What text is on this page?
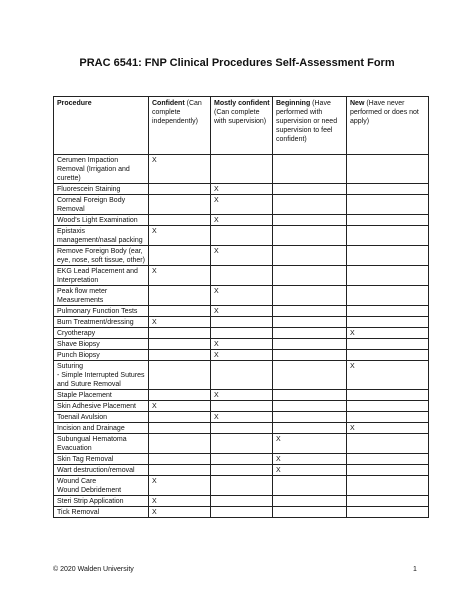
PRAC 6541: FNP Clinical Procedures Self-Assessment Form
Procedure	Confident (Can complete independently)	Mostly confident (Can complete with supervision)	Beginning (Have performed with supervision or need supervision to feel confident)	New (Have never performed or does not apply)
Cerumen Impaction Removal (Irrigation and curette)	X			
Fluorescein Staining		X		
Corneal Foreign Body Removal		X		
Wood’s Light Examination		X		
Epistaxis management/nasal packing	X			
Remove Foreign Body (ear, eye, nose, soft tissue, other)		X		
EKG Lead Placement and Interpretation	X			
Peak flow meter Measurements		X		
Pulmonary Function Tests		X		
Burn Treatment/dressing	X			
Cryotherapy				X
Shave Biopsy		X		
Punch Biopsy		X		
Suturing
- Simple Interrupted Sutures and Suture Removal				X
Staple Placement		X		
Skin Adhesive Placement	X			
Toenail Avulsion		X		
Incision and Drainage				X
Subungual Hematoma Evacuation			X	
Skin Tag Removal			X	
Wart destruction/removal			X	
Wound Care
Wound Debridement	X			
Steri Strip Application	X			
Tick Removal	X			
© 2020 Walden University	1
